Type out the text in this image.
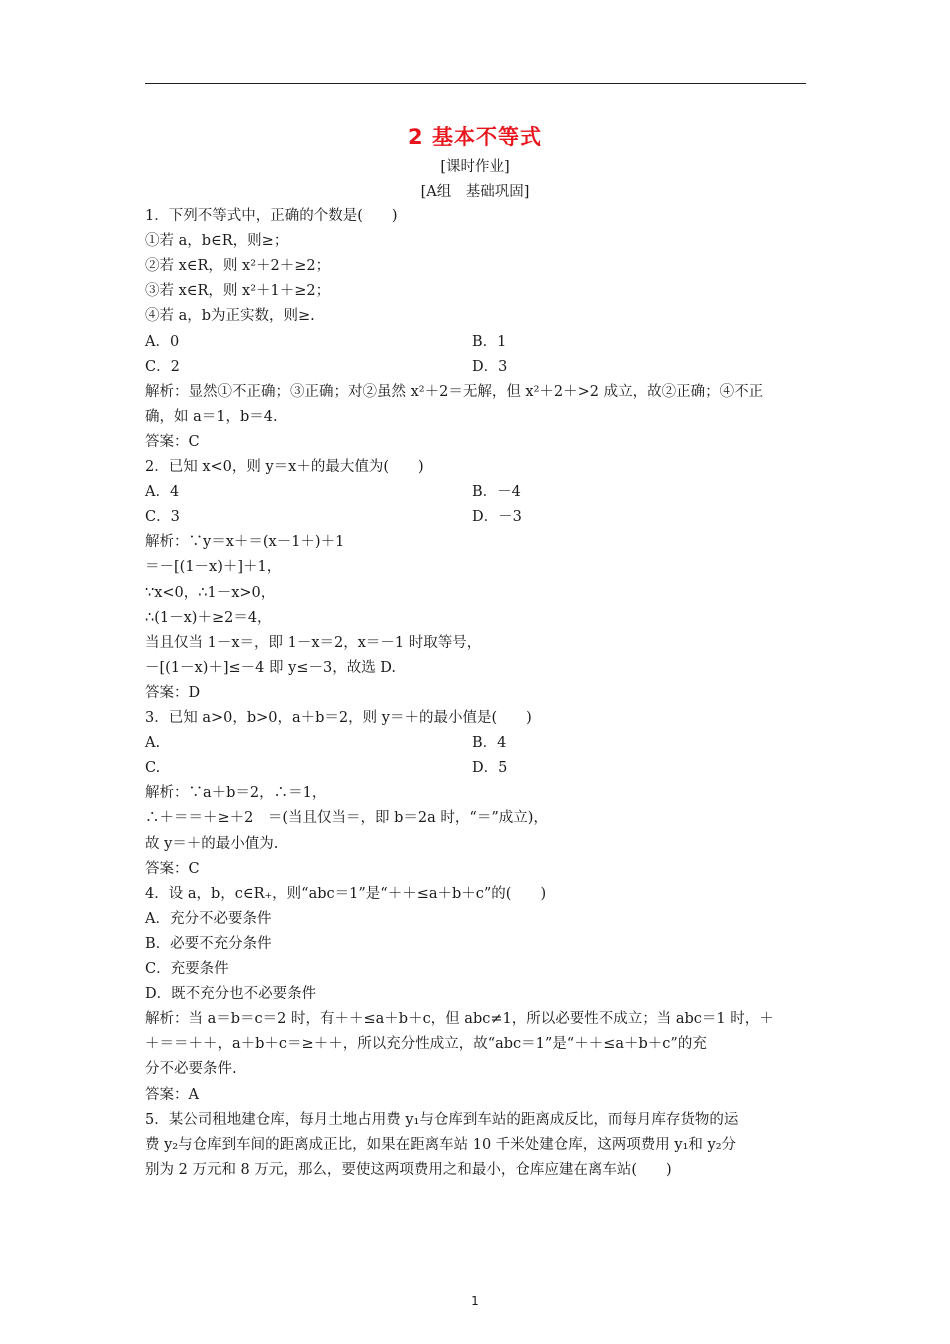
2 基本不等式
[课时作业]
[A组　基础巩固]
1．下列不等式中，正确的个数是(　　)
①若 a，b∈R，则≥；
②若 x∈R，则 x²＋2＋≥2；
③若 x∈R，则 x²＋1＋≥2；
④若 a，b为正实数，则≥.
A．0	B．1
C．2	D．3
解析：显然①不正确；③正确；对②虽然 x²＋2＝无解，但 x²＋2＋>2 成立，故②正确；④不正
确，如 a＝1，b＝4.
答案：C
2．已知 x<0，则 y＝x＋的最大值为(　　)
A．4	B．－4
C．3	D．－3
解析：∵y＝x＋＝(x－1＋)＋1
＝－[(1－x)＋]＋1，
∵x<0，∴1－x>0，
∴(1－x)＋≥2＝4，
当且仅当 1－x＝，即 1－x＝2，x＝－1 时取等号，
－[(1－x)＋]≤－4 即 y≤－3，故选 D.
答案：D
3．已知 a>0，b>0，a＋b＝2，则 y＝＋的最小值是(　　)
A.	B．4
C.	D．5
解析：∵a＋b＝2，∴＝1，
∴＋＝＝＋≥＋2　＝(当且仅当＝，即 b＝2a 时，“＝”成立)，
故 y＝＋的最小值为.
答案：C
4．设 a，b，c∈R₊，则“abc＝1”是“＋＋≤a＋b＋c”的(　　)
A．充分不必要条件
B．必要不充分条件
C．充要条件
D．既不充分也不必要条件
解析：当 a＝b＝c＝2 时，有＋＋≤a＋b＋c，但 abc≠1，所以必要性不成立；当 abc＝1 时，＋
＋＝＝＋＋，a＋b＋c＝≥＋＋，所以充分性成立，故“abc＝1”是“＋＋≤a＋b＋c”的充
分不必要条件.
答案：A
5．某公司租地建仓库，每月土地占用费 y₁与仓库到车站的距离成反比，而每月库存货物的运
费 y₂与仓库到车间的距离成正比，如果在距离车站 10 千米处建仓库，这两项费用 y₁和 y₂分
别为 2 万元和 8 万元，那么，要使这两项费用之和最小，仓库应建在离车站(　　)
1
